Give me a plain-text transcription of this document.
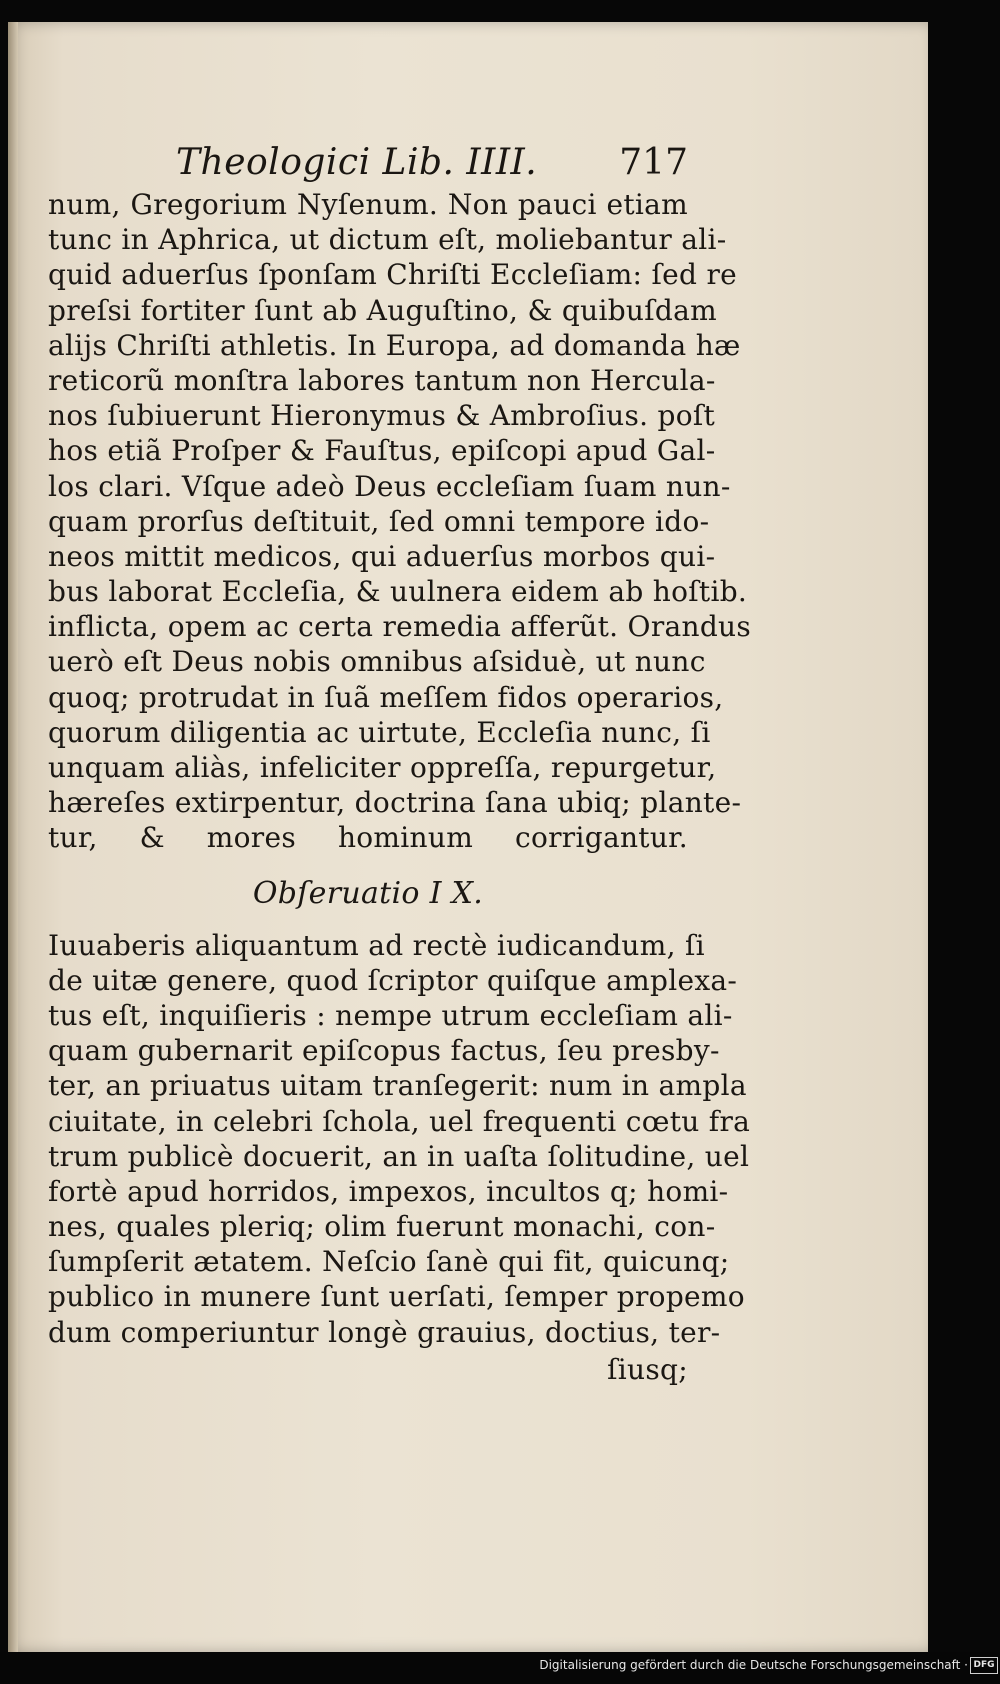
Theologici Lib. IIII. 717
num, Gregorium Nyſenum. Non pauci etiam
tunc in Aphrica, ut dictum eſt, moliebantur ali-
quid aduerſus ſponſam Chriſti Eccleſiam: ſed re
preſsi fortiter ſunt ab Auguſtino, & quibuſdam
alijs Chriſti athletis. In Europa, ad domanda hæ
reticorũ monſtra labores tantum non Hercula-
nos ſubiuerunt Hieronymus & Ambroſius. poſt
hos etiã Proſper & Fauſtus, epiſcopi apud Gal-
los clari. Vſque adeò Deus eccleſiam ſuam nun-
quam prorſus deſtituit, ſed omni tempore ido-
neos mittit medicos, qui aduerſus morbos qui-
bus laborat Eccleſia, & uulnera eidem ab hoſtib.
inflicta, opem ac certa remedia afferũt. Orandus
uerò eſt Deus nobis omnibus aſsiduè, ut nunc
quoq; protrudat in ſuã meſſem fidos operarios,
quorum diligentia ac uirtute, Eccleſia nunc, ſi
unquam aliàs, infeliciter oppreſſa, repurgetur,
hæreſes extirpentur, doctrina ſana ubiq; plante-
tur, & mores hominum corrigantur.
Obſeruatio I X.
Iuuaberis aliquantum ad rectè iudicandum, ſi
de uitæ genere, quod ſcriptor quiſque amplexa-
tus eſt, inquiſieris : nempe utrum eccleſiam ali-
quam gubernarit epiſcopus factus, ſeu presby-
ter, an priuatus uitam tranſegerit: num in ampla
ciuitate, in celebri ſchola, uel frequenti cœtu fra
trum publicè docuerit, an in uaſta ſolitudine, uel
fortè apud horridos, impexos, incultos q; homi-
nes, quales pleriq; olim fuerunt monachi, con-
ſumpſerit ætatem. Neſcio ſanè qui fit, quicunq;
publico in munere ſunt uerſati, ſemper propemo
dum comperiuntur longè grauius, doctius, ter-
ſiusq;
Digitalisierung gefördert durch die Deutsche Forschungsgemeinschaft · DFG
